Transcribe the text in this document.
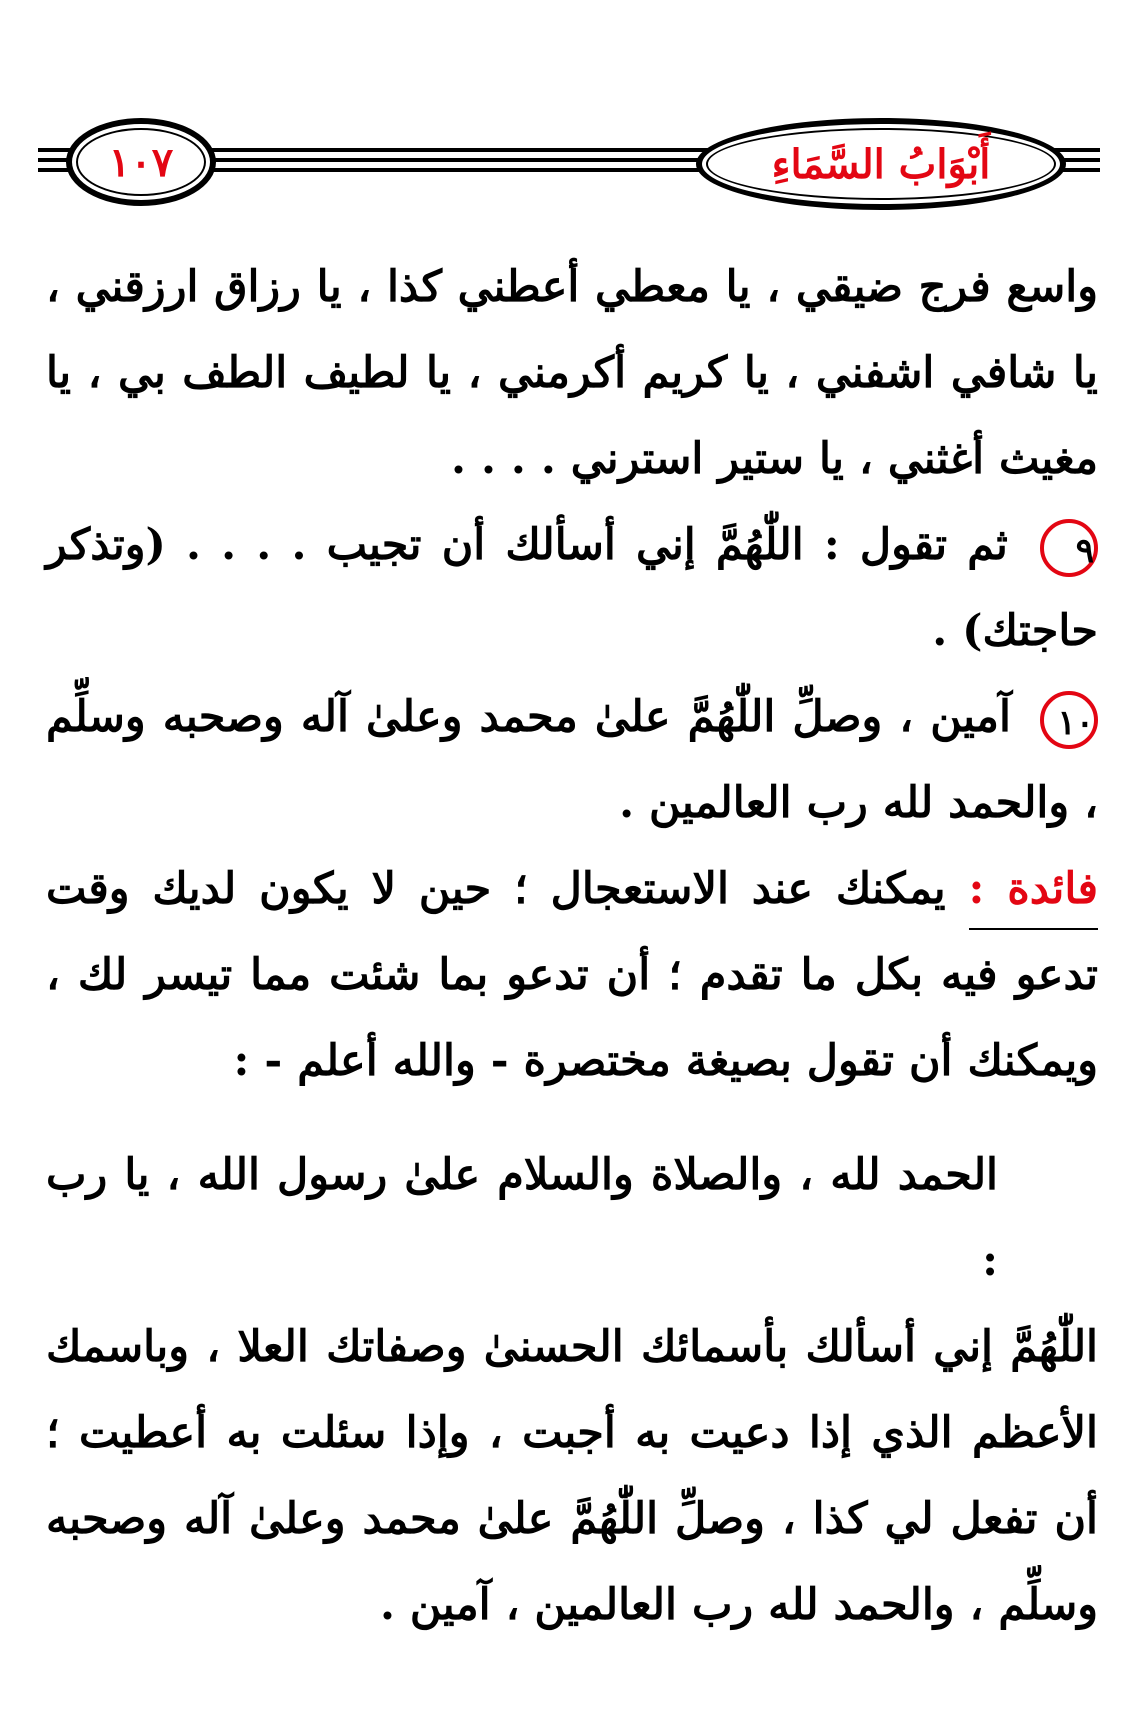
أَبْوَابُ السَّمَاءِ
١٠٧

واسع فرج ضيقي ، يا معطي أعطني كذا ، يا رزاق ارزقني ، يا شافي اشفني ، يا كريم أكرمني ، يا لطيف الطف بي ، يا مغيث أغثني ، يا ستير استرني . . . .

٩ ثم تقول : اللّٰهُمَّ إني أسألك أن تجيب . . . . (وتذكر حاجتك) .

١٠ آمين ، وصلِّ اللّٰهُمَّ علىٰ محمد وعلىٰ آله وصحبه وسلِّم ، والحمد لله رب العالمين .

فائدة : يمكنك عند الاستعجال ؛ حين لا يكون لديك وقت تدعو فيه بكل ما تقدم ؛ أن تدعو بما شئت مما تيسر لك ، ويمكنك أن تقول بصيغة مختصرة - والله أعلم - :

الحمد لله ، والصلاة والسلام علىٰ رسول الله ، يا رب :

اللّٰهُمَّ إني أسألك بأسمائك الحسنىٰ وصفاتك العلا ، وباسمك الأعظم الذي إذا دعيت به أجبت ، وإذا سئلت به أعطيت ؛ أن تفعل لي كذا ، وصلِّ اللّٰهُمَّ علىٰ محمد وعلىٰ آله وصحبه وسلِّم ، والحمد لله رب العالمين ، آمين .
